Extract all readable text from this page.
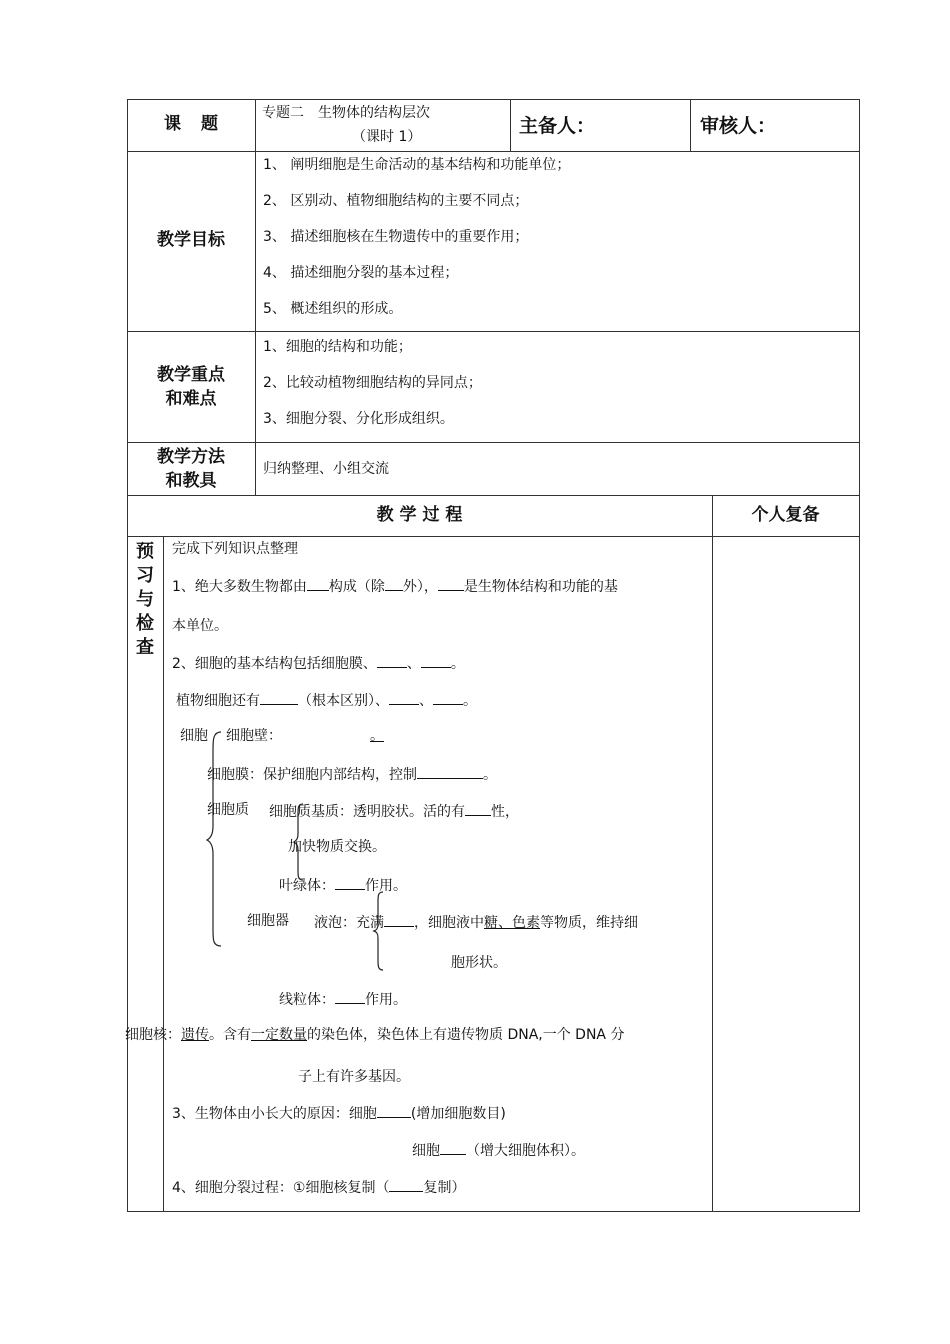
课 题
专题二　生物体的结构层次
（课时 1）	主备人：	审核人：
教学目标
1、 阐明细胞是生命活动的基本结构和功能单位；
2、 区别动、植物细胞结构的主要不同点；
3、 描述细胞核在生物遗传中的重要作用；
4、 描述细胞分裂的基本过程；
5、 概述组织的形成。
教学重点
和难点
1、细胞的结构和功能；
2、比较动植物细胞结构的异同点；
3、细胞分裂、分化形成组织。
教学方法
和教具
归纳整理、小组交流
教 学 过 程	个人复备
预
习
与
检
查
完成下列知识点整理
1、绝大多数生物都由 构成（除 外）， 是生物体结构和功能的基
本单位。
2、细胞的基本结构包括细胞膜、 、 。
植物细胞还有	（根本区别）、 、 。
细胞 细胞壁：	。
细胞膜：保护细胞内部结构，控制	。
细胞质 细胞质基质：透明胶状。活的有 性，
加快物质交换。
叶绿体： 作用。
细胞器 液泡：充满 ，细胞液中糖、色素等物质，维持细
胞形状。
线粒体： 作用。
细胞核：遗传。含有一定数量的染色体，染色体上有遗传物质 DNA,一个 DNA 分
子上有许多基因。
3、生物体由小长大的原因：细胞 (增加细胞数目)
细胞 （增大细胞体积）。
4、细胞分裂过程：①细胞核复制（ 复制）
